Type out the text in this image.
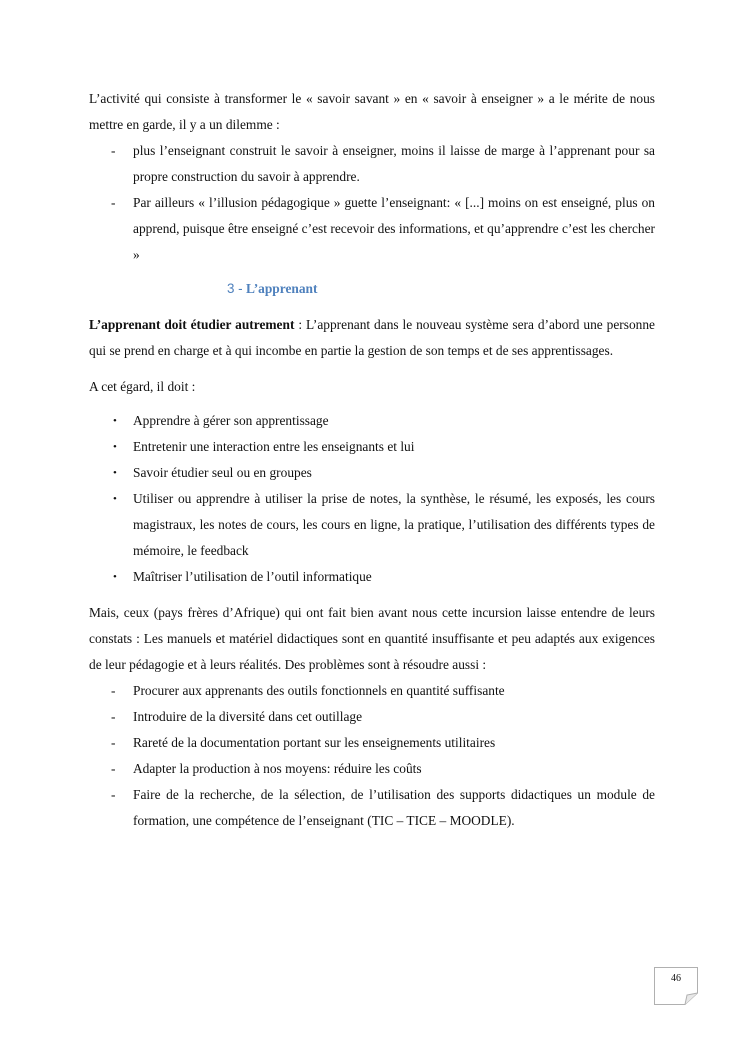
L’activité qui consiste à transformer le « savoir savant » en « savoir à enseigner » a le mérite de nous mettre en garde, il y a un dilemme :

- plus l’enseignant construit le savoir à enseigner, moins il laisse de marge à l’apprenant pour sa propre construction du savoir à apprendre.
- Par ailleurs « l’illusion pédagogique » guette l’enseignant: « [...] moins on est enseigné, plus on apprend, puisque être enseigné c’est recevoir des informations, et qu’apprendre c’est les chercher »
3 - L’apprenant

L’apprenant doit étudier autrement : L’apprenant dans le nouveau système sera d’abord une personne qui se prend en charge et à qui incombe en partie la gestion de son temps et de ses apprentissages.

A cet égard, il doit :

• Apprendre à gérer son apprentissage
• Entretenir une interaction entre les enseignants et lui
• Savoir étudier seul ou en groupes
• Utiliser ou apprendre à utiliser la prise de notes, la synthèse, le résumé, les exposés, les cours magistraux, les notes de cours, les cours en ligne, la pratique, l’utilisation des différents types de mémoire, le feedback
• Maîtriser l’utilisation de l’outil informatique

Mais, ceux (pays frères d’Afrique) qui ont fait bien avant nous cette incursion laisse entendre de leurs constats : Les manuels et matériel didactiques sont en quantité insuffisante et peu adaptés aux exigences de leur pédagogie et à leurs réalités. Des problèmes sont à résoudre aussi :

- Procurer aux apprenants des outils fonctionnels en quantité suffisante
- Introduire de la diversité dans cet outillage
- Rareté de la documentation portant sur les enseignements utilitaires
- Adapter la production à nos moyens: réduire les coûts
- Faire de la recherche, de la sélection, de l’utilisation des supports didactiques un module de formation, une compétence de l’enseignant (TIC – TICE – MOODLE).
46
